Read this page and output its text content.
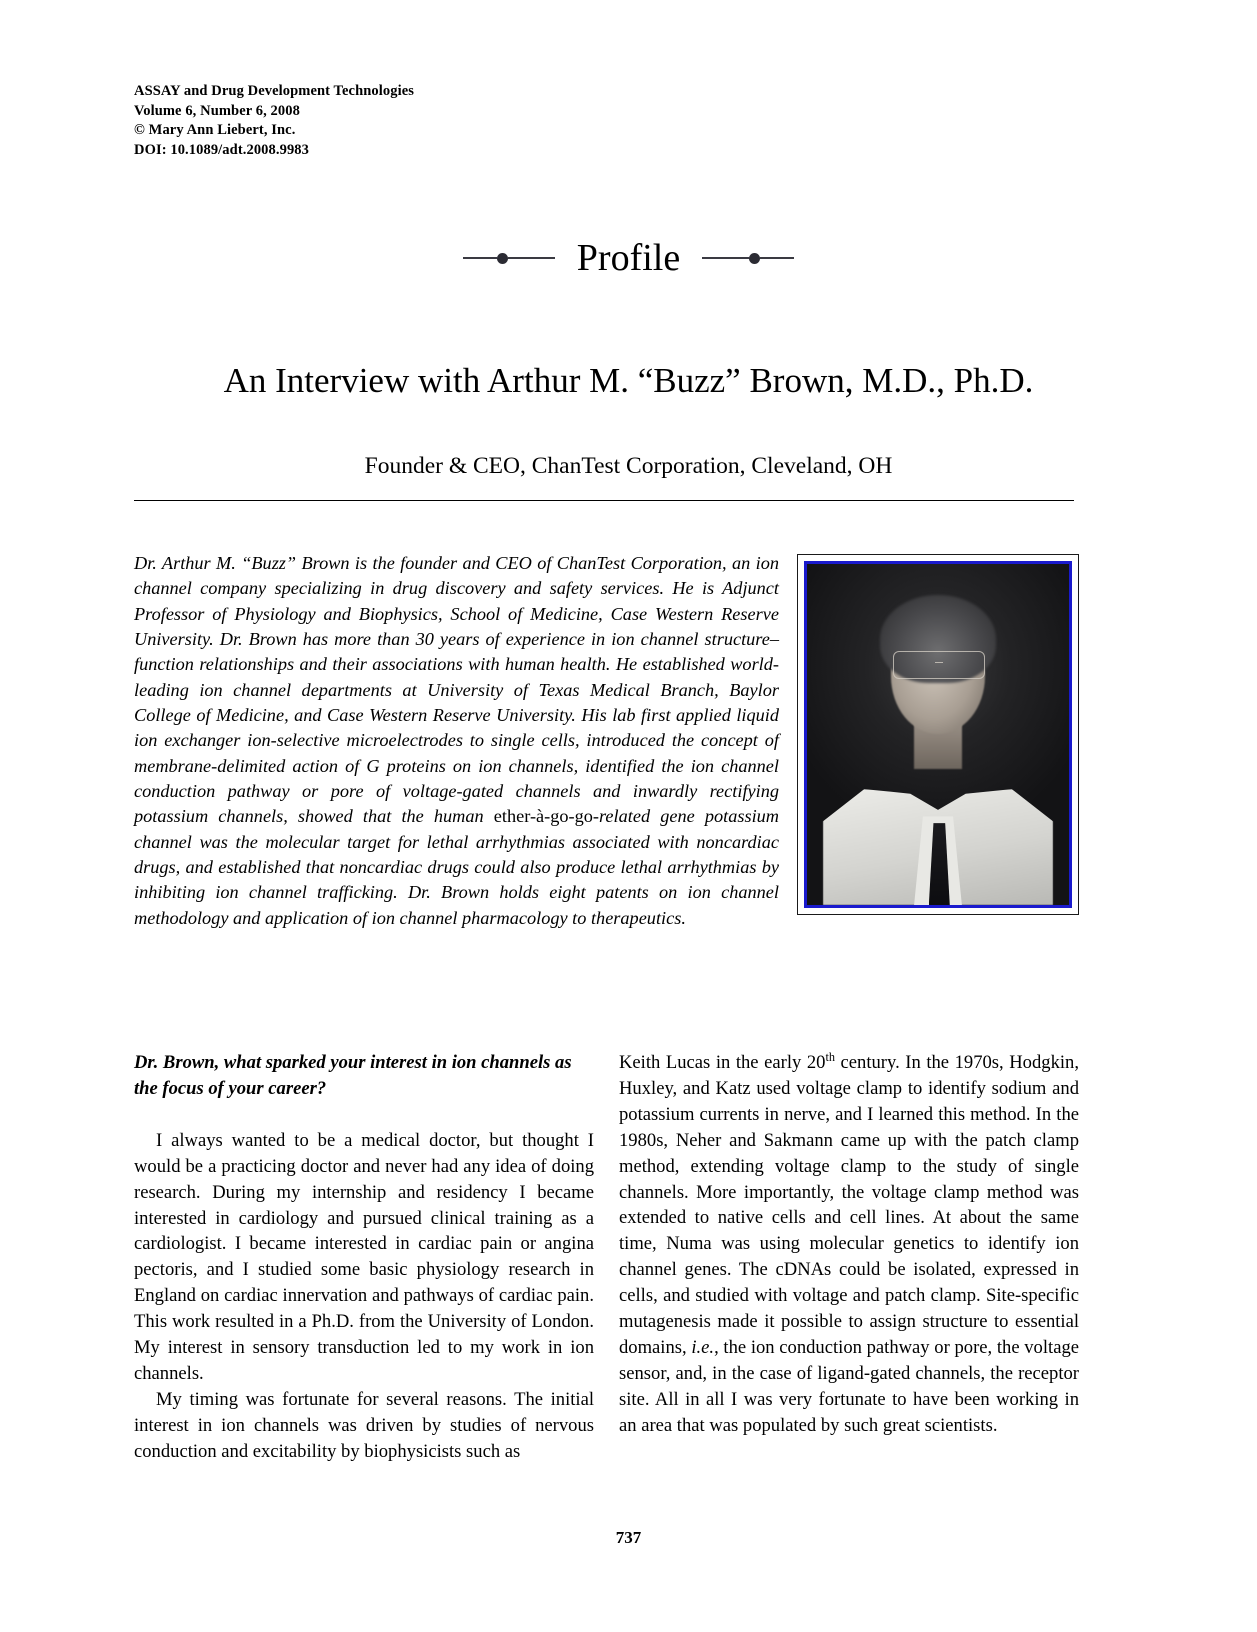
ASSAY and Drug Development Technologies
Volume 6, Number 6, 2008
© Mary Ann Liebert, Inc.
DOI: 10.1089/adt.2008.9983
Profile
An Interview with Arthur M. “Buzz” Brown, M.D., Ph.D.
Founder & CEO, ChanTest Corporation, Cleveland, OH
Dr. Arthur M. “Buzz” Brown is the founder and CEO of ChanTest Corporation, an ion channel company specializing in drug discovery and safety services. He is Adjunct Professor of Physiology and Biophysics, School of Medicine, Case Western Reserve University. Dr. Brown has more than 30 years of experience in ion channel structure–function relationships and their associations with human health. He established world-leading ion channel departments at University of Texas Medical Branch, Baylor College of Medicine, and Case Western Reserve University. His lab first applied liquid ion exchanger ion-selective microelectrodes to single cells, introduced the concept of membrane-delimited action of G proteins on ion channels, identified the ion channel conduction pathway or pore of voltage-gated channels and inwardly rectifying potassium channels, showed that the human ether-à-go-go-related gene potassium channel was the molecular target for lethal arrhythmias associated with noncardiac drugs, and established that noncardiac drugs could also produce lethal arrhythmias by inhibiting ion channel trafficking. Dr. Brown holds eight patents on ion channel methodology and application of ion channel pharmacology to therapeutics.
Dr. Brown, what sparked your interest in ion channels as the focus of your career?

I always wanted to be a medical doctor, but thought I would be a practicing doctor and never had any idea of doing research. During my internship and residency I became interested in cardiology and pursued clinical training as a cardiologist. I became interested in cardiac pain or angina pectoris, and I studied some basic physiology research in England on cardiac innervation and pathways of cardiac pain. This work resulted in a Ph.D. from the University of London. My interest in sensory transduction led to my work in ion channels.

My timing was fortunate for several reasons. The initial interest in ion channels was driven by studies of nervous conduction and excitability by biophysicists such as

Keith Lucas in the early 20th century. In the 1970s, Hodgkin, Huxley, and Katz used voltage clamp to identify sodium and potassium currents in nerve, and I learned this method. In the 1980s, Neher and Sakmann came up with the patch clamp method, extending voltage clamp to the study of single channels. More importantly, the voltage clamp method was extended to native cells and cell lines. At about the same time, Numa was using molecular genetics to identify ion channel genes. The cDNAs could be isolated, expressed in cells, and studied with voltage and patch clamp. Site-specific mutagenesis made it possible to assign structure to essential domains, i.e., the ion conduction pathway or pore, the voltage sensor, and, in the case of ligand-gated channels, the receptor site. All in all I was very fortunate to have been working in an area that was populated by such great scientists.

737
